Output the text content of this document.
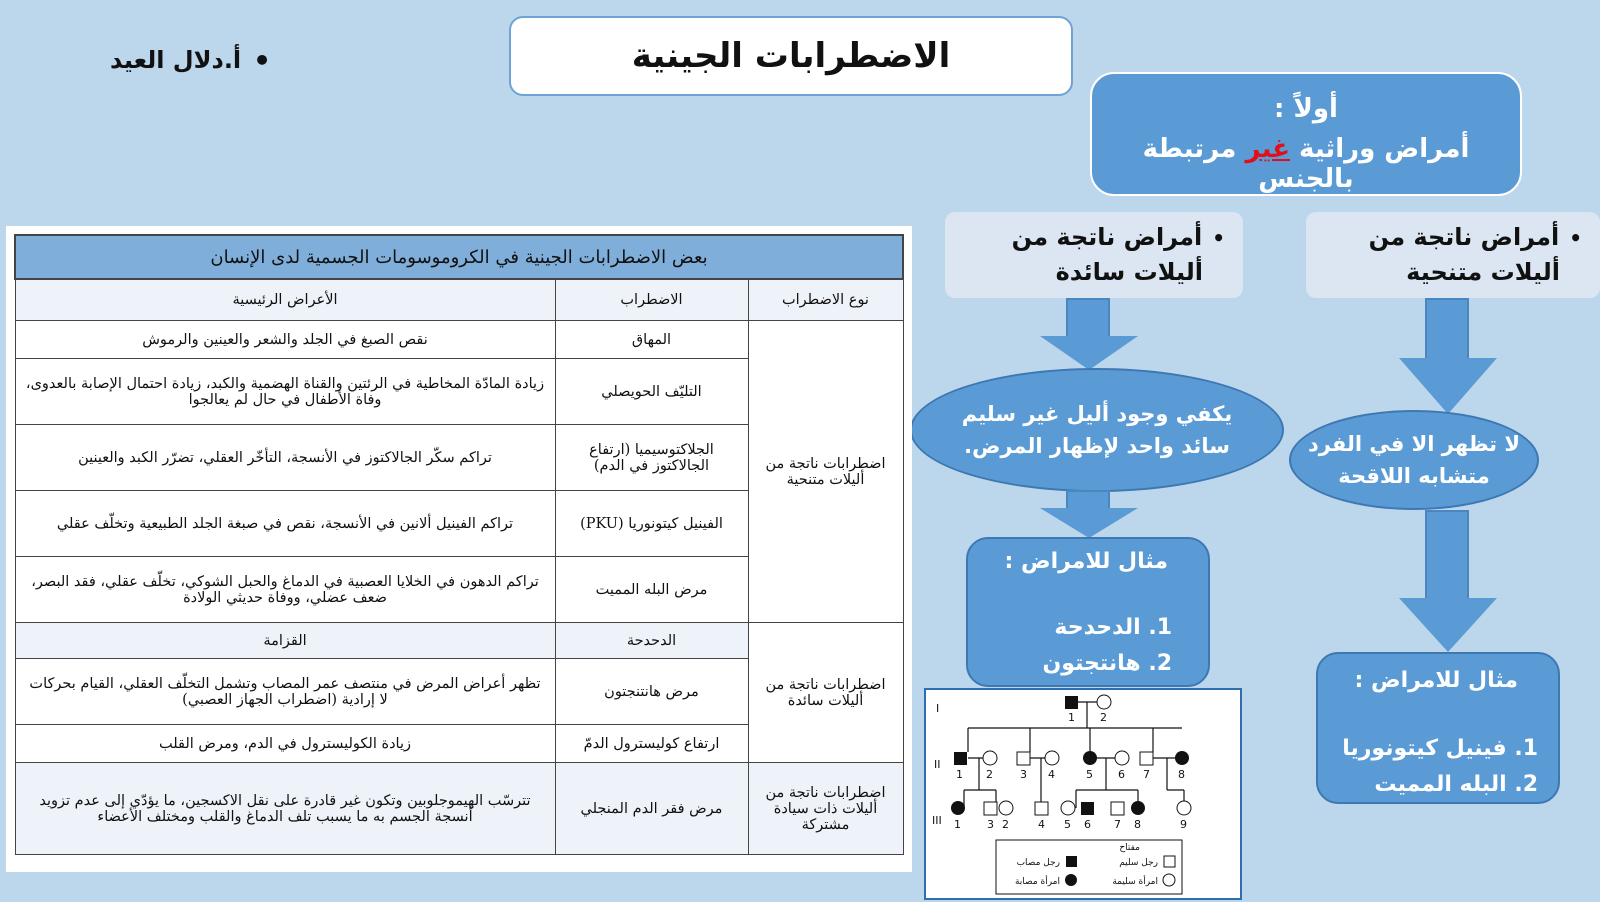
الاضطرابات الجينية
•
أ.دلال العيد
أولاً :
أمراض وراثية غير مرتبطة بالجنس
•أمراض ناتجة من
أليلات متنحية
لا تظهر الا في الفرد
متشابه اللاقحة
مثال للامراض :
1. فينيل كيتونوريا
2. البله المميت
•أمراض ناتجة من
أليلات سائدة
يكفي وجود أليل غير سليم
سائد واحد لإظهار المرض.
مثال للامراض :
1. الدحدحة
2. هانتجتون
بعض الاضطرابات الجينية في الكروموسومات الجسمية لدى الإنسان		
نوع الاضطراب	الاضطراب	الأعراض الرئيسية
اضطرابات ناتجة من أليلات متنحية	المهاق	نقص الصبغ في الجلد والشعر والعينين والرموش
	التليّف الحويصلي	زيادة المادّة المخاطية في الرئتين والقناة الهضمية والكبد، زيادة احتمال الإصابة بالعدوى، وفاة الأطفال في حال لم يعالجوا
	الجلاكتوسيميا (ارتفاع الجالاكتوز في الدم)	تراكم سكّر الجالاكتوز في الأنسجة، التأخّر العقلي، تضرّر الكبد والعينين
	الفينيل كيتونوريا (PKU)	تراكم الفينيل ألانين في الأنسجة، نقص في صبغة الجلد الطبيعية وتخلّف عقلي
	مرض البله المميت	تراكم الدهون في الخلايا العصبية في الدماغ والحبل الشوكي، تخلّف عقلي، فقد البصر، ضعف عضلي، ووفاة حديثي الولادة
اضطرابات ناتجة من أليلات سائدة	الدحدحة	القزامة
	مرض هانتنجتون	تظهر أعراض المرض في منتصف عمر المصاب وتشمل التخلّف العقلي، القيام بحركات لا إرادية (اضطراب الجهاز العصبي)
	ارتفاع كوليسترول الدمّ	زيادة الكوليسترول في الدم، ومرض القلب
اضطرابات ناتجة من أليلات ذات سيادة مشتركة	مرض فقر الدم المنجلي	تترسّب الهيموجلوبين وتكون غير قادرة على نقل الاكسجين، ما يؤدّي إلى عدم تزويد أنسجة الجسم به ما يسبب تلف الدماغ والقلب ومختلف الأعضاء
I
II
III
1 2
1 2 3 4	5 6 7	8
1	2
3	4 5 6 7 8	9
مفتاح
رجل سليم
رجل مصاب
امرأة سليمة
امرأة مصابة
